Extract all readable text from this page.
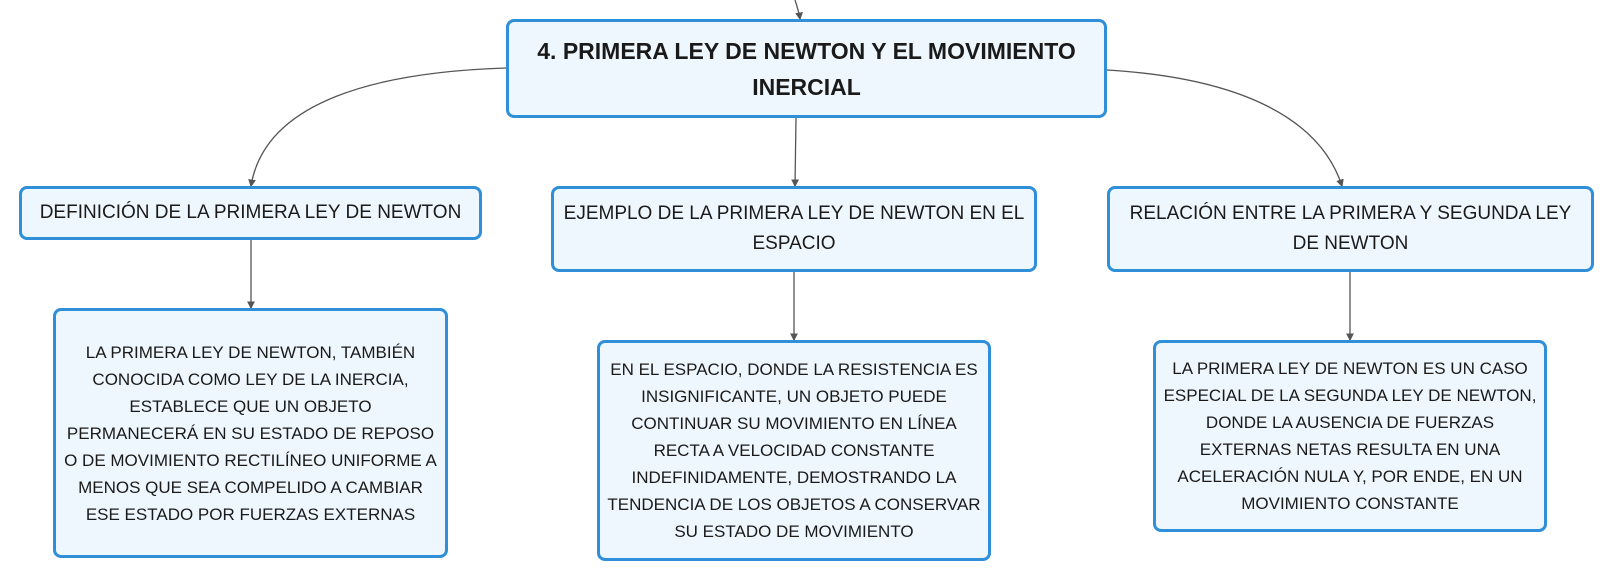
4. PRIMERA LEY DE NEWTON Y EL MOVIMIENTO INERCIAL
DEFINICIÓN DE LA PRIMERA LEY DE NEWTON	EJEMPLO DE LA PRIMERA LEY DE NEWTON EN EL ESPACIO
RELACIÓN ENTRE LA PRIMERA Y SEGUNDA LEY DE NEWTON
LA PRIMERA LEY DE NEWTON, TAMBIÉN CONOCIDA COMO LEY DE LA INERCIA, ESTABLECE QUE UN OBJETO PERMANECERÁ EN SU ESTADO DE REPOSO O DE MOVIMIENTO RECTILÍNEO UNIFORME A MENOS QUE SEA COMPELIDO A CAMBIAR ESE ESTADO POR FUERZAS EXTERNAS
EN EL ESPACIO, DONDE LA RESISTENCIA ES INSIGNIFICANTE, UN OBJETO PUEDE CONTINUAR SU MOVIMIENTO EN LÍNEA RECTA A VELOCIDAD CONSTANTE INDEFINIDAMENTE, DEMOSTRANDO LA TENDENCIA DE LOS OBJETOS A CONSERVAR SU ESTADO DE MOVIMIENTO
LA PRIMERA LEY DE NEWTON ES UN CASO ESPECIAL DE LA SEGUNDA LEY DE NEWTON, DONDE LA AUSENCIA DE FUERZAS EXTERNAS NETAS RESULTA EN UNA ACELERACIÓN NULA Y, POR ENDE, EN UN MOVIMIENTO CONSTANTE
